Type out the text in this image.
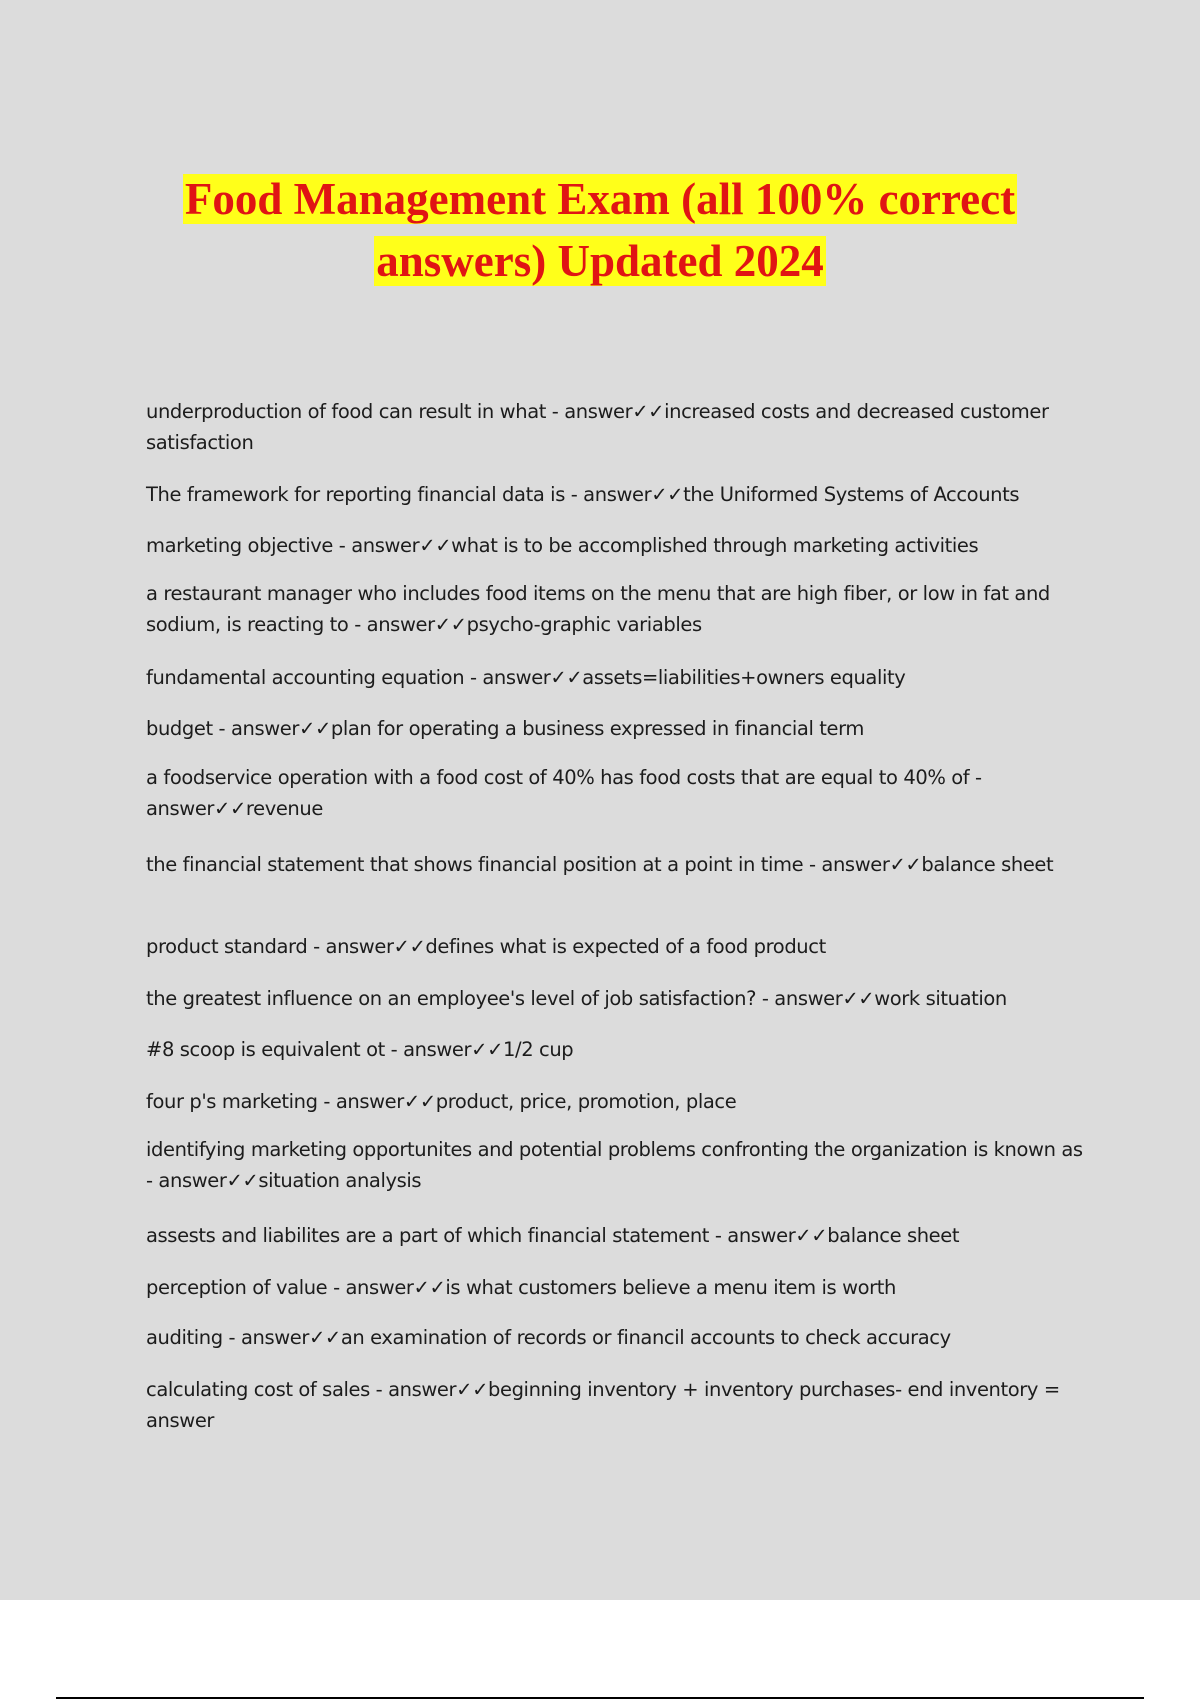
Food Management Exam (all 100% correct
answers) Updated 2024
underproduction of food can result in what - answer✓✓increased costs and decreased customer satisfaction
The framework for reporting financial data is - answer✓✓the Uniformed Systems of Accounts
marketing objective - answer✓✓what is to be accomplished through marketing activities
a restaurant manager who includes food items on the menu that are high fiber, or low in fat and sodium, is reacting to - answer✓✓psycho-graphic variables
fundamental accounting equation - answer✓✓assets=liabilities+owners equality
budget - answer✓✓plan for operating a business expressed in financial term
a foodservice operation with a food cost of 40% has food costs that are equal to 40% of - answer✓✓revenue
the financial statement that shows financial position at a point in time - answer✓✓balance sheet
product standard - answer✓✓defines what is expected of a food product
the greatest influence on an employee's level of job satisfaction? - answer✓✓work situation
#8 scoop is equivalent ot - answer✓✓1/2 cup
four p's marketing - answer✓✓product, price, promotion, place
identifying marketing opportunites and potential problems confronting the organization is known as - answer✓✓situation analysis
assests and liabilites are a part of which financial statement - answer✓✓balance sheet
perception of value - answer✓✓is what customers believe a menu item is worth
auditing - answer✓✓an examination of records or financil accounts to check accuracy
calculating cost of sales - answer✓✓beginning inventory + inventory purchases- end inventory = answer
